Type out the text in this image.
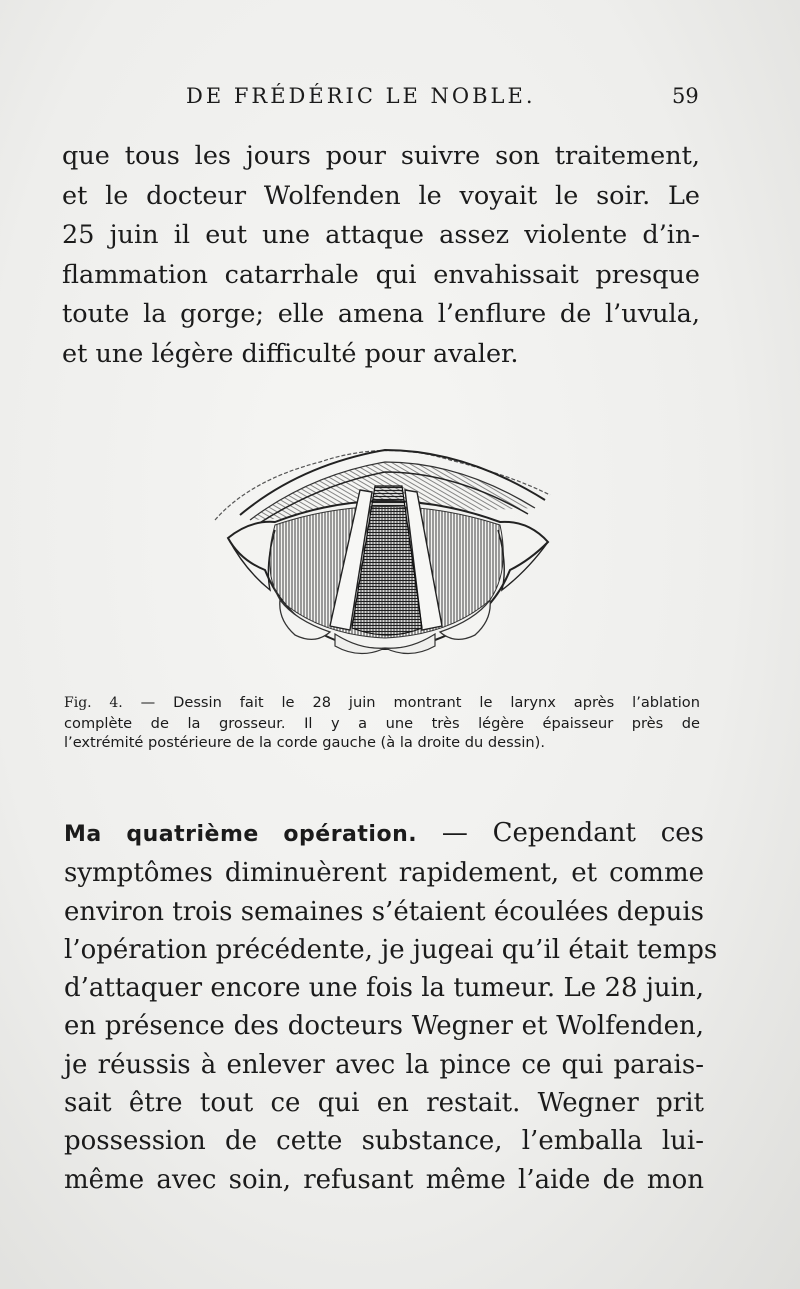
DE FRÉDÉRIC LE NOBLE.	59
que tous les jours pour suivre son traitement,
et le docteur Wolfenden le voyait le soir. Le
25 juin il eut une attaque assez violente d’in-
flammation catarrhale qui envahissait presque
toute la gorge; elle amena l’enflure de l’uvula,
et une légère difficulté pour avaler.
Fig. 4. — Dessin fait le 28 juin montrant le larynx après l’ablation
complète de la grosseur. Il y a une très légère épaisseur près de
l’extrémité postérieure de la corde gauche (à la droite du dessin).
Ma quatrième opération. — Cependant ces
symptômes diminuèrent rapidement, et comme
environ trois semaines s’étaient écoulées depuis
l’opération précédente, je jugeai qu’il était temps
d’attaquer encore une fois la tumeur. Le 28 juin,
en présence des docteurs Wegner et Wolfenden,
je réussis à enlever avec la pince ce qui parais-
sait être tout ce qui en restait. Wegner prit
possession de cette substance, l’emballa lui-
même avec soin, refusant même l’aide de mon
